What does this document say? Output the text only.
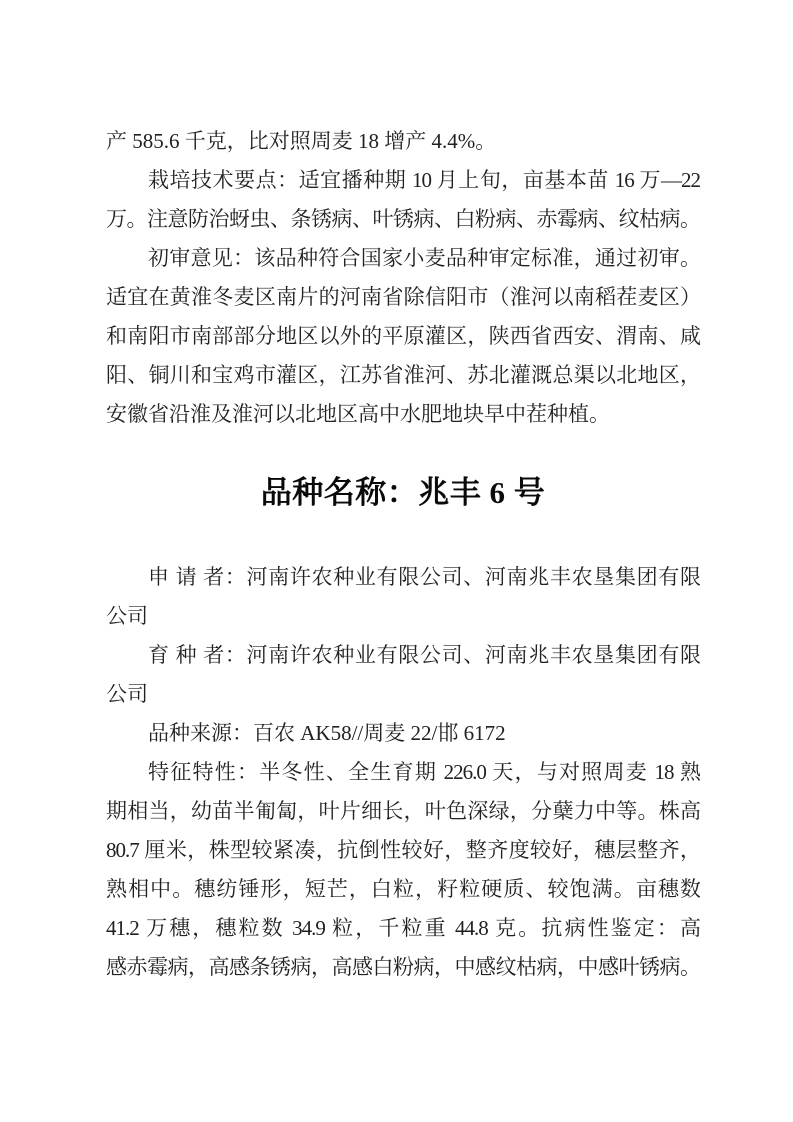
产 585.6 千克，比对照周麦 18 增产 4.4%。
栽培技术要点：适宜播种期 10 月上旬，亩基本苗 16 万—22
万。注意防治蚜虫、条锈病、叶锈病、白粉病、赤霉病、纹枯病。
初审意见：该品种符合国家小麦品种审定标准，通过初审。
适宜在黄淮冬麦区南片的河南省除信阳市（淮河以南稻茬麦区）
和南阳市南部部分地区以外的平原灌区，陕西省西安、渭南、咸
阳、铜川和宝鸡市灌区，江苏省淮河、苏北灌溉总渠以北地区，
安徽省沿淮及淮河以北地区高中水肥地块早中茬种植。
品种名称：兆丰 6 号
申 请 者：河南许农种业有限公司、河南兆丰农垦集团有限
公司
育 种 者：河南许农种业有限公司、河南兆丰农垦集团有限
公司
品种来源：百农 AK58//周麦 22/邯 6172
特征特性：半冬性、全生育期 226.0 天，与对照周麦 18 熟
期相当，幼苗半匍匐，叶片细长，叶色深绿，分蘖力中等。株高
80.7 厘米，株型较紧凑，抗倒性较好，整齐度较好，穗层整齐，
熟相中。穗纺锤形，短芒，白粒，籽粒硬质、较饱满。亩穗数
41.2 万穗，穗粒数 34.9 粒，千粒重 44.8 克。抗病性鉴定：高
感赤霉病，高感条锈病，高感白粉病，中感纹枯病，中感叶锈病。
